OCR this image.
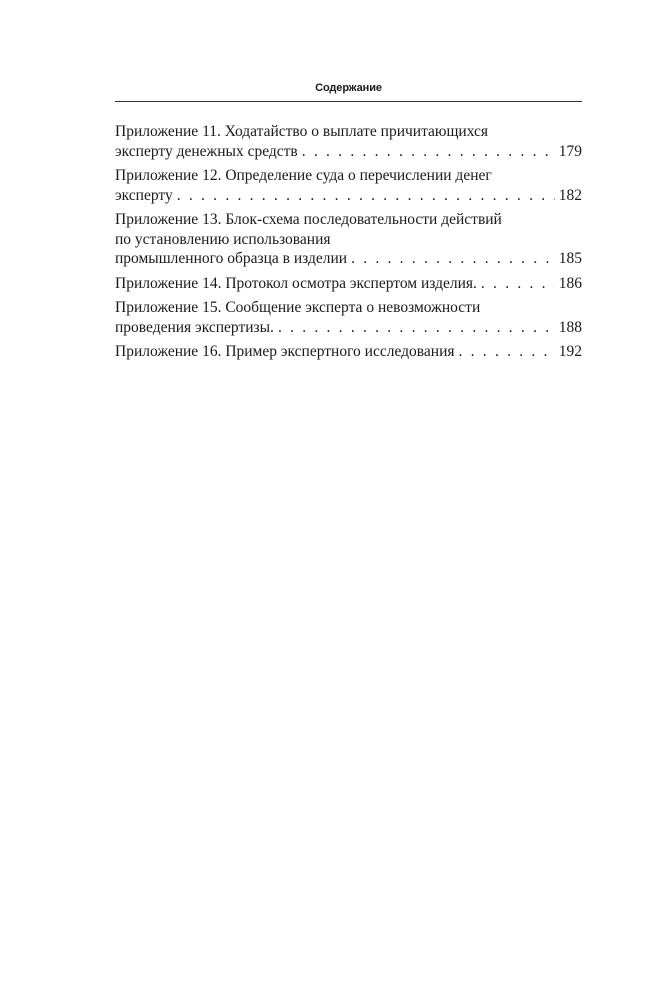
Содержание
Приложение 11. Ходатайство о выплате причитающихся
эксперту денежных средств . . .	179
Приложение 12. Определение суда о перечислении денег
эксперту . . .	182
Приложение 13. Блок-схема последовательности действий
по установлению использования
промышленного образца в изделии . . .	185
Приложение 14. Протокол осмотра экспертом изделия. . . .	186
Приложение 15. Сообщение эксперта о невозможности
проведения экспертизы. . . .	188
Приложение 16. Пример экспертного исследования . . .	192
